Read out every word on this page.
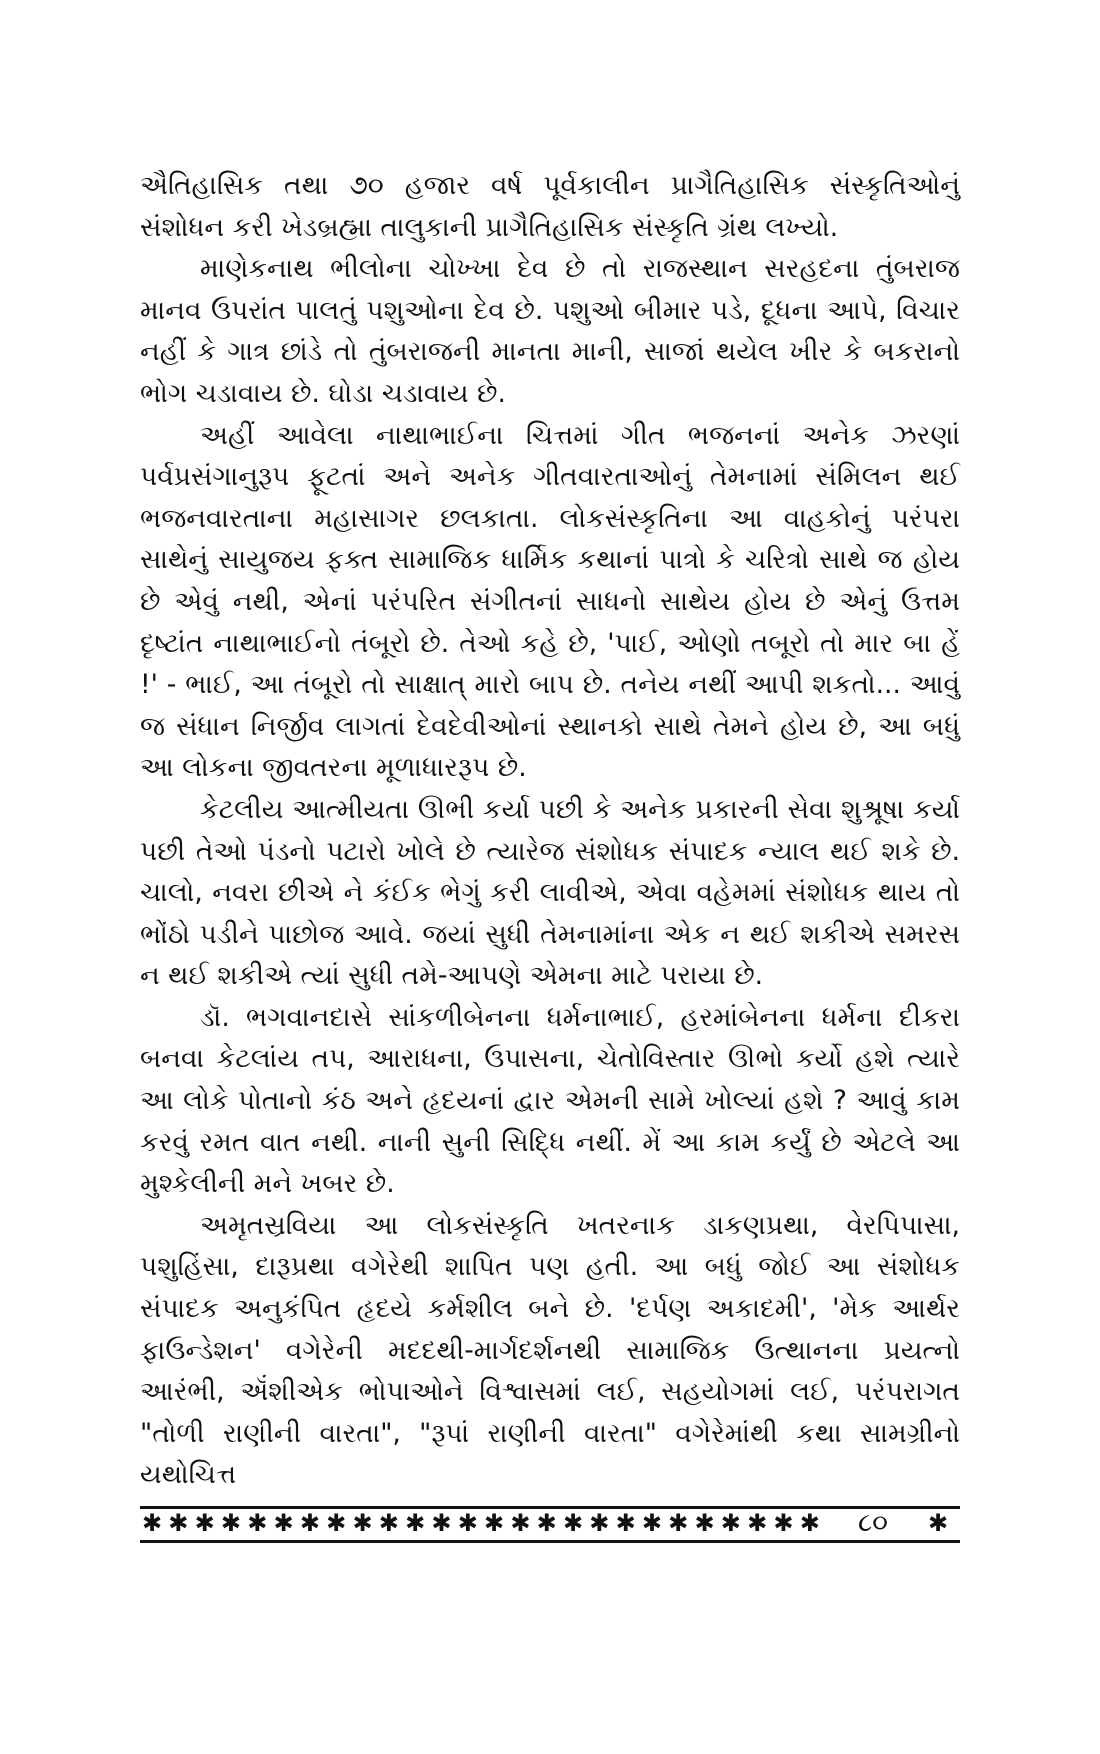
ઐતિહાસિક તથા ૭૦ હજાર વર્ષ પૂર્વકાલીન પ્રાગૈતિહાસિક સંસ્કૃતિઓનું સંશોધન કરી ખેડબ્રહ્મા તાલુકાની પ્રાગૈતિહાસિક સંસ્કૃતિ ગ્રંથ લખ્યો.

માણેકનાથ ભીલોના ચોખ્ખા દેવ છે તો રાજસ્થાન સરહદના તુંબરાજ માનવ ઉપરાંત પાલતું પશુઓના દેવ છે. પશુઓ બીમાર પડે, દૂધના આપે, વિચાર નહીં કે ગાત્ર છાંડે તો તુંબરાજની માનતા માની, સાજાં થયેલ ખીર કે બકરાનો ભોગ ચડાવાય છે. ઘોડા ચડાવાય છે.

અહીં આવેલા નાથાભાઈના ચિત્તમાં ગીત ભજનનાં અનેક ઝરણાં પર્વપ્રસંગાનુરૂપ ફૂટતાં અને અનેક ગીતવારતાઓનું તેમનામાં સંમિલન થઈ ભજનવારતાના મહાસાગર છલકાતા. લોકસંસ્કૃતિના આ વાહકોનું પરંપરા સાથેનું સાયુજય ફક્ત સામાજિક ધાર્મિક કથાનાં પાત્રો કે ચરિત્રો સાથે જ હોય છે એવું નથી, એનાં પરંપરિત સંગીતનાં સાધનો સાથેય હોય છે એનું ઉત્તમ દૃષ્ટાંત નાથાભાઈનો તંબૂરો છે. તેઓ કહે છે, 'પાઈ, ઓણો તબૂરો તો માર બા હેં !' - ભાઈ, આ તંબૂરો તો સાક્ષાત્ મારો બાપ છે. તનેય નથીં આપી શકતો... આવું જ સંધાન નિર્જીવ લાગતાં દેવદેવીઓનાં સ્થાનકો સાથે તેમને હોય છે, આ બધું આ લોકના જીવતરના મૂળાધારરૂપ છે.

કેટલીય આત્મીયતા ઊભી કર્યા પછી કે અનેક પ્રકારની સેવા શુશ્રૂષા કર્યા પછી તેઓ પંડનો પટારો ખોલે છે ત્યારેજ સંશોધક સંપાદક ન્યાલ થઈ શકે છે. ચાલો, નવરા છીએ ને કંઈક ભેગું કરી લાવીએ, એવા વહેમમાં સંશોધક થાય તો ભોંઠો પડીને પાછોજ આવે. જયાં સુધી તેમનામાંના એક ન થઈ શકીએ સમરસ ન થઈ શકીએ ત્યાં સુધી તમે-આપણે એમના માટે પરાયા છે.

ડૉ. ભગવાનદાસે સાંકળીબેનના ધર્મનાભાઈ, હરમાંબેનના ધર્મના દીકરા બનવા કેટલાંય તપ, આરાધના, ઉપાસના, ચેતોવિસ્તાર ઊભો કર્યો હશે ત્યારે આ લોકે પોતાનો કંઠ અને હૃદયનાં દ્વાર એમની સામે ખોલ્યાં હશે ? આવું કામ કરવું રમત વાત નથી. નાની સુની સિદ્ધિ નથીં. મેં આ કામ કર્યું છે એટલે આ મુશ્કેલીની મને ખબર છે.

અમૃતસ્રવિયા આ લોકસંસ્કૃતિ ખતરનાક ડાકણપ્રથા, વેરપિપાસા, પશુહિંસા, દારૂપ્રથા વગેરેથી શાપિત પણ હતી. આ બધું જોઈ આ સંશોધક સંપાદક અનુકંપિત હૃદયે કર્મશીલ બને છે. 'દર્પણ અકાદમી', 'મેક આર્થર ફાઉન્ડેશન' વગેરેની મદદથી-માર્ગદર્શનથી સામાજિક ઉત્થાનના પ્રયત્નો આરંભી, ઍંશીએક ભોપાઓને વિશ્વાસમાં લઈ, સહયોગમાં લઈ, પરંપરાગત "તોળી રાણીની વારતા", "રૂપાં રાણીની વારતા" વગેરેમાંથી કથા સામગ્રીનો યથોચિત્ત

✱✱✱✱✱✱✱✱✱✱✱✱✱✱✱✱✱✱✱✱✱✱✱✱✱✱ ૮૦ ✱
